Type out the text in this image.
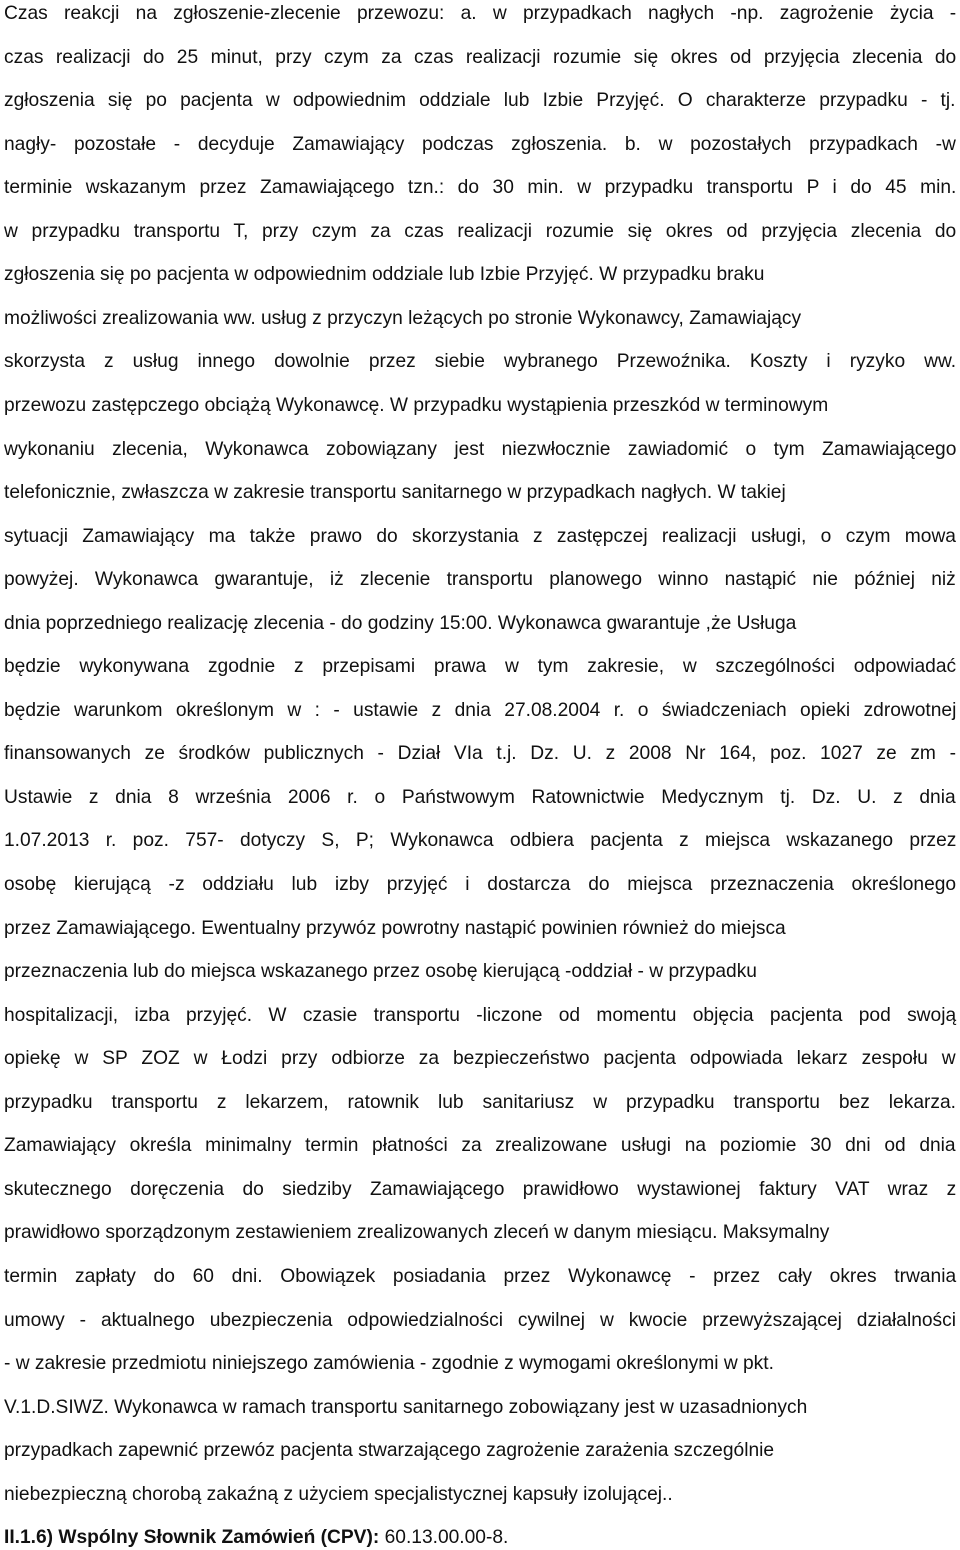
Czas reakcji na zgłoszenie-zlecenie przewozu: a. w przypadkach nagłych -np. zagrożenie życia -
czas realizacji do 25 minut, przy czym za czas realizacji rozumie się okres od przyjęcia zlecenia do
zgłoszenia się po pacjenta w odpowiednim oddziale lub Izbie Przyjęć. O charakterze przypadku - tj.
nagły- pozostałe - decyduje Zamawiający podczas zgłoszenia. b. w pozostałych przypadkach -w
terminie wskazanym przez Zamawiającego tzn.: do 30 min. w przypadku transportu P i do 45 min.
w przypadku transportu T, przy czym za czas realizacji rozumie się okres od przyjęcia zlecenia do
zgłoszenia się po pacjenta w odpowiednim oddziale lub Izbie Przyjęć. W przypadku braku
możliwości zrealizowania ww. usług z przyczyn leżących po stronie Wykonawcy, Zamawiający
skorzysta z usług innego dowolnie przez siebie wybranego Przewoźnika. Koszty i ryzyko ww.
przewozu zastępczego obciążą Wykonawcę. W przypadku wystąpienia przeszkód w terminowym
wykonaniu zlecenia, Wykonawca zobowiązany jest niezwłocznie zawiadomić o tym Zamawiającego
telefonicznie, zwłaszcza w zakresie transportu sanitarnego w przypadkach nagłych. W takiej
sytuacji Zamawiający ma także prawo do skorzystania z zastępczej realizacji usługi, o czym mowa
powyżej. Wykonawca gwarantuje, iż zlecenie transportu planowego winno nastąpić nie później niż
dnia poprzedniego realizację zlecenia - do godziny 15:00. Wykonawca gwarantuje ,że Usługa
będzie wykonywana zgodnie z przepisami prawa w tym zakresie, w szczególności odpowiadać
będzie warunkom określonym w : - ustawie z dnia 27.08.2004 r. o świadczeniach opieki zdrowotnej
finansowanych ze środków publicznych - Dział VIa t.j. Dz. U. z 2008 Nr 164, poz. 1027 ze zm -
Ustawie z dnia 8 września 2006 r. o Państwowym Ratownictwie Medycznym tj. Dz. U. z dnia
1.07.2013 r. poz. 757- dotyczy S, P; Wykonawca odbiera pacjenta z miejsca wskazanego przez
osobę kierującą -z oddziału lub izby przyjęć i dostarcza do miejsca przeznaczenia określonego
przez Zamawiającego. Ewentualny przywóz powrotny nastąpić powinien również do miejsca
przeznaczenia lub do miejsca wskazanego przez osobę kierującą -oddział - w przypadku
hospitalizacji, izba przyjęć. W czasie transportu -liczone od momentu objęcia pacjenta pod swoją
opiekę w SP ZOZ w Łodzi przy odbiorze za bezpieczeństwo pacjenta odpowiada lekarz zespołu w
przypadku transportu z lekarzem, ratownik lub sanitariusz w przypadku transportu bez lekarza.
Zamawiający określa minimalny termin płatności za zrealizowane usługi na poziomie 30 dni od dnia
skutecznego doręczenia do siedziby Zamawiającego prawidłowo wystawionej faktury VAT wraz z
prawidłowo sporządzonym zestawieniem zrealizowanych zleceń w danym miesiącu. Maksymalny
termin zapłaty do 60 dni. Obowiązek posiadania przez Wykonawcę - przez cały okres trwania
umowy - aktualnego ubezpieczenia odpowiedzialności cywilnej w kwocie przewyższającej działalności
- w zakresie przedmiotu niniejszego zamówienia - zgodnie z wymogami określonymi w pkt.
V.1.D.SIWZ. Wykonawca w ramach transportu sanitarnego zobowiązany jest w uzasadnionych
przypadkach zapewnić przewóz pacjenta stwarzającego zagrożenie zarażenia szczególnie
niebezpieczną chorobą zakaźną z użyciem specjalistycznej kapsuły izolującej..
II.1.6) Wspólny Słownik Zamówień (CPV): 60.13.00.00-8.
